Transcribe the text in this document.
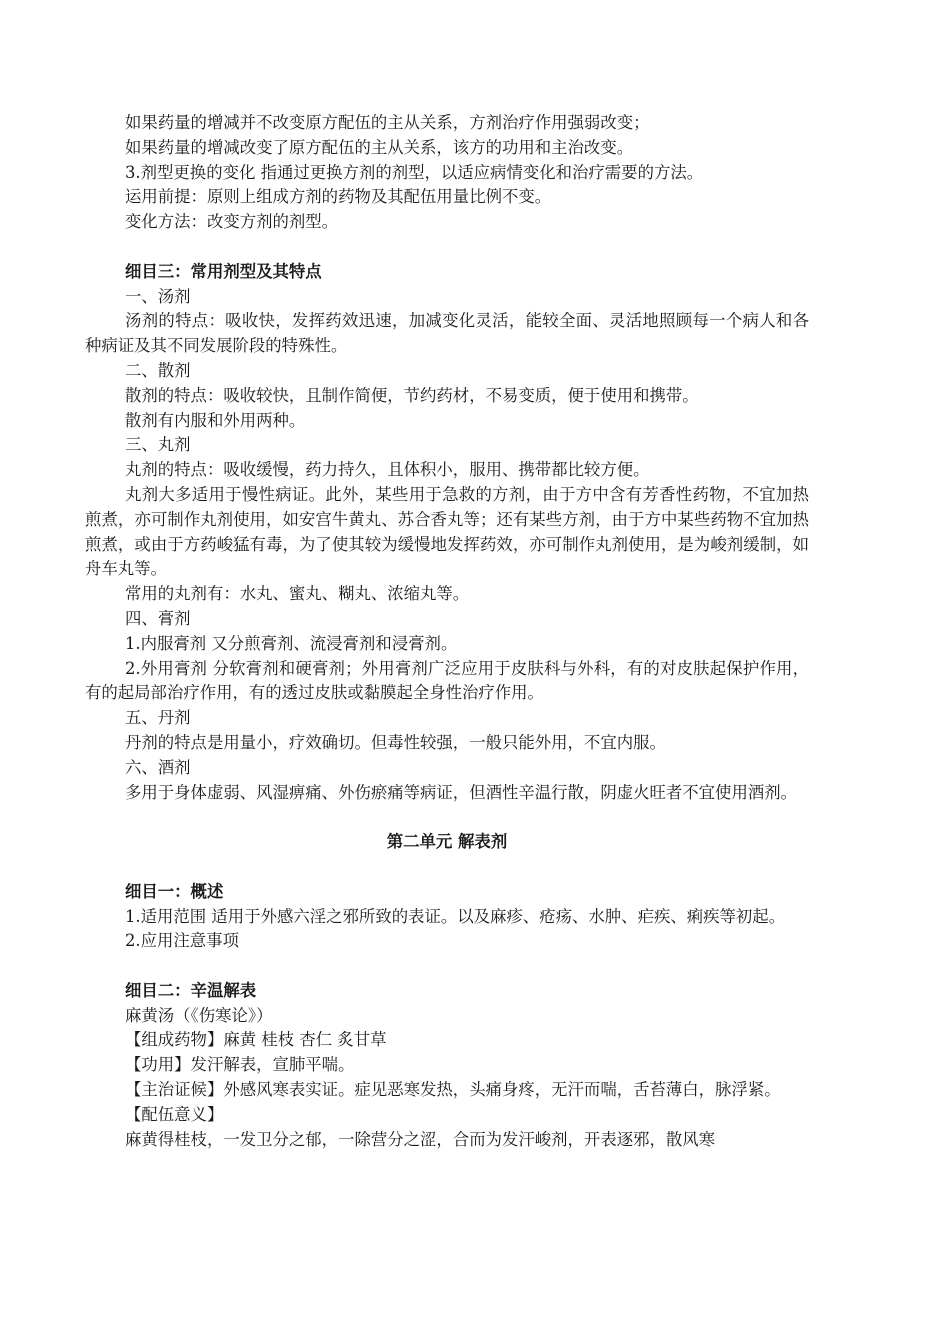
如果药量的增减并不改变原方配伍的主从关系，方剂治疗作用强弱改变；

如果药量的增减改变了原方配伍的主从关系，该方的功用和主治改变。

3.剂型更换的变化 指通过更换方剂的剂型，以适应病情变化和治疗需要的方法。

运用前提：原则上组成方剂的药物及其配伍用量比例不变。

变化方法：改变方剂的剂型。

细目三：常用剂型及其特点

一、汤剂

汤剂的特点：吸收快，发挥药效迅速，加减变化灵活，能较全面、灵活地照顾每一个病人和各种病证及其不同发展阶段的特殊性。

二、散剂

散剂的特点：吸收较快，且制作简便，节约药材，不易变质，便于使用和携带。

散剂有内服和外用两种。

三、丸剂

丸剂的特点：吸收缓慢，药力持久，且体积小，服用、携带都比较方便。

丸剂大多适用于慢性病证。此外，某些用于急救的方剂，由于方中含有芳香性药物，不宜加热煎煮，亦可制作丸剂使用，如安宫牛黄丸、苏合香丸等；还有某些方剂，由于方中某些药物不宜加热煎煮，或由于方药峻猛有毒，为了使其较为缓慢地发挥药效，亦可制作丸剂使用，是为峻剂缓制，如舟车丸等。

常用的丸剂有：水丸、蜜丸、糊丸、浓缩丸等。

四、膏剂

1.内服膏剂 又分煎膏剂、流浸膏剂和浸膏剂。

2.外用膏剂 分软膏剂和硬膏剂；外用膏剂广泛应用于皮肤科与外科，有的对皮肤起保护作用，有的起局部治疗作用，有的透过皮肤或黏膜起全身性治疗作用。

五、丹剂

丹剂的特点是用量小，疗效确切。但毒性较强，一般只能外用，不宜内服。

六、酒剂

多用于身体虚弱、风湿痹痛、外伤瘀痛等病证，但酒性辛温行散，阴虚火旺者不宜使用酒剂。

第二单元 解表剂

细目一：概述

1.适用范围 适用于外感六淫之邪所致的表证。以及麻疹、疮疡、水肿、疟疾、痢疾等初起。

2.应用注意事项

细目二：辛温解表

麻黄汤（《伤寒论》）

【组成药物】麻黄 桂枝 杏仁 炙甘草

【功用】发汗解表，宣肺平喘。

【主治证候】外感风寒表实证。症见恶寒发热，头痛身疼，无汗而喘，舌苔薄白，脉浮紧。

【配伍意义】

麻黄得桂枝，一发卫分之郁，一除营分之涩，合而为发汗峻剂，开表逐邪，散风寒
